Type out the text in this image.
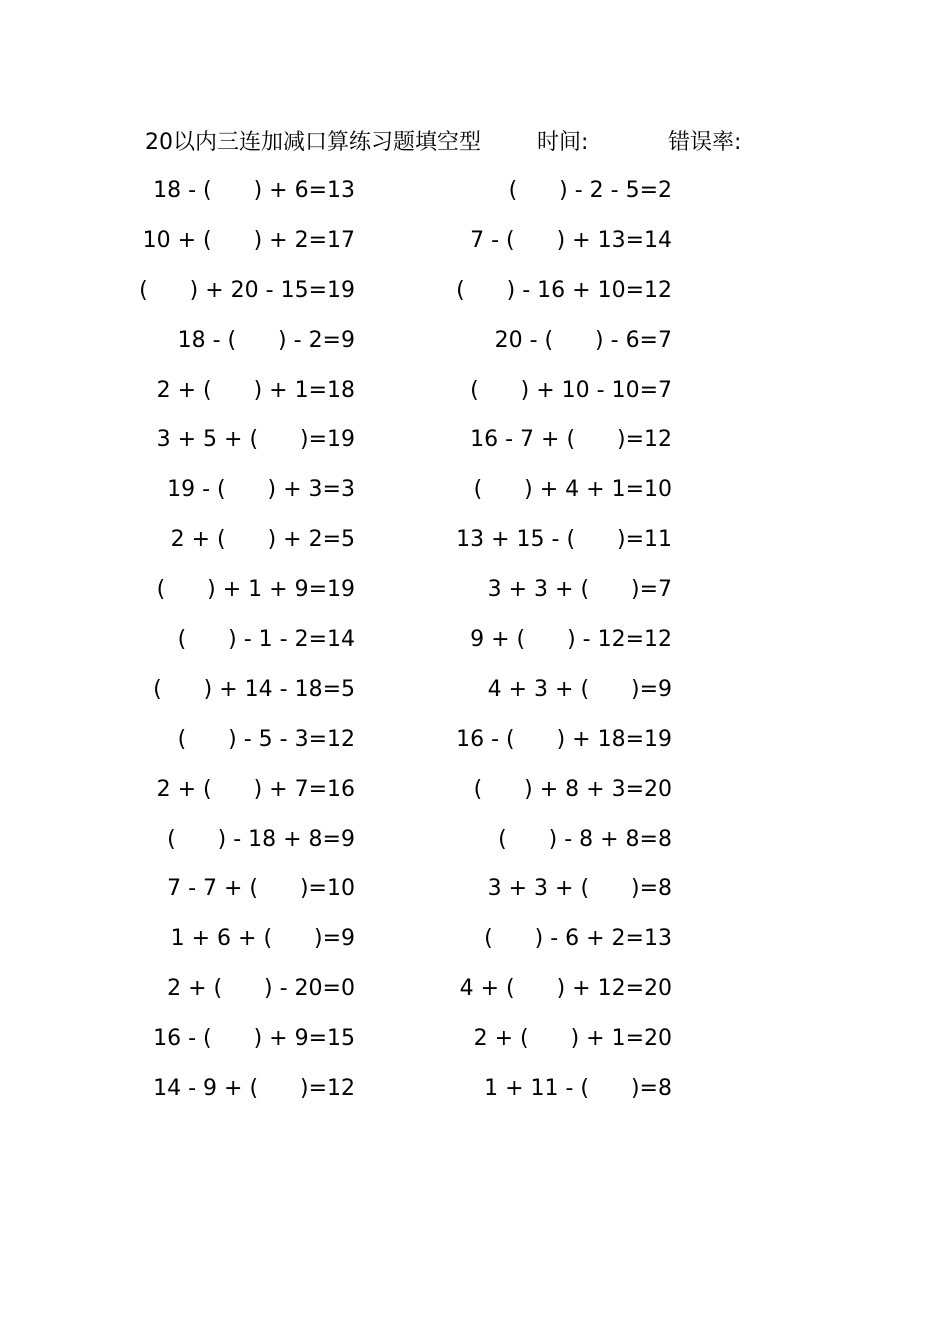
20以内三连加减口算练习题填空型	时间:	错误率:
18 - (      ) + 6=13	(      ) - 2 - 5=2
10 + (      ) + 2=17	7 - (      ) + 13=14
(      ) + 20 - 15=19	(      ) - 16 + 10=12
18 - (      ) - 2=9	20 - (      ) - 6=7
2 + (      ) + 1=18	(      ) + 10 - 10=7
3 + 5 + (      )=19	16 - 7 + (      )=12
19 - (      ) + 3=3	(      ) + 4 + 1=10
2 + (      ) + 2=5	13 + 15 - (      )=11
(      ) + 1 + 9=19	3 + 3 + (      )=7
(      ) - 1 - 2=14	9 + (      ) - 12=12
(      ) + 14 - 18=5	4 + 3 + (      )=9
(      ) - 5 - 3=12	16 - (      ) + 18=19
2 + (      ) + 7=16	(      ) + 8 + 3=20
(      ) - 18 + 8=9	(      ) - 8 + 8=8
7 - 7 + (      )=10	3 + 3 + (      )=8
1 + 6 + (      )=9	(      ) - 6 + 2=13
2 + (      ) - 20=0	4 + (      ) + 12=20
16 - (      ) + 9=15	2 + (      ) + 1=20
14 - 9 + (      )=12	1 + 11 - (      )=8
